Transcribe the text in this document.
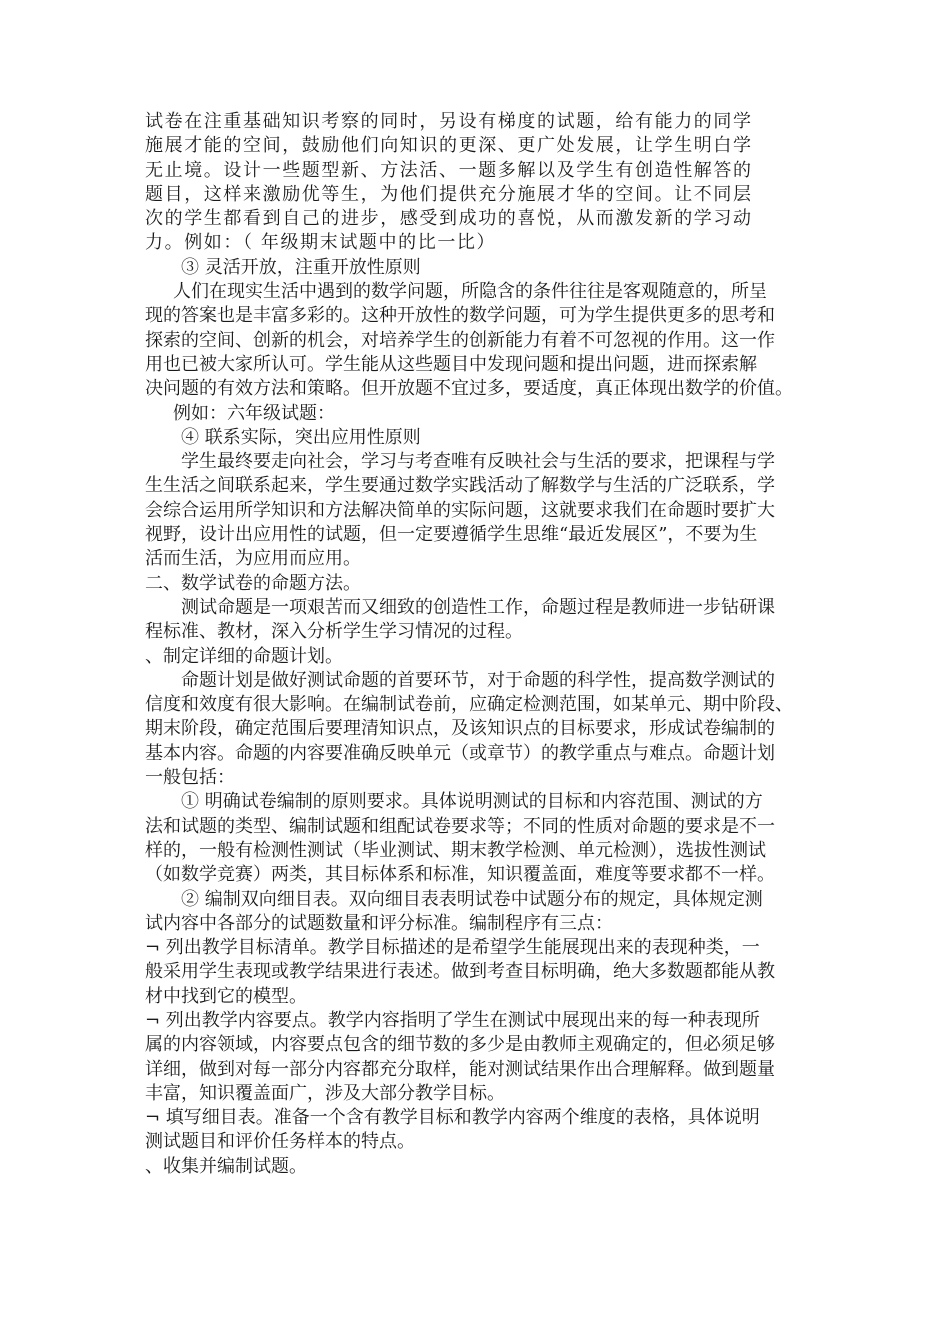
试卷在注重基础知识考察的同时，另设有梯度的试题，给有能力的同学
施展才能的空间，鼓励他们向知识的更深、更广处发展，让学生明白学
无止境。设计一些题型新、方法活、一题多解以及学生有创造性解答的
题目，这样来激励优等生，为他们提供充分施展才华的空间。让不同层
次的学生都看到自己的进步，感受到成功的喜悦，从而激发新的学习动
力。例如：（ 年级期末试题中的比一比）
③ 灵活开放，注重开放性原则
人们在现实生活中遇到的数学问题，所隐含的条件往往是客观随意的，所呈
现的答案也是丰富多彩的。这种开放性的数学问题，可为学生提供更多的思考和
探索的空间、创新的机会，对培养学生的创新能力有着不可忽视的作用。这一作
用也已被大家所认可。学生能从这些题目中发现问题和提出问题，进而探索解
决问题的有效方法和策略。但开放题不宜过多，要适度，真正体现出数学的价值。
例如：六年级试题：
④ 联系实际，突出应用性原则
学生最终要走向社会，学习与考查唯有反映社会与生活的要求，把课程与学
生生活之间联系起来，学生要通过数学实践活动了解数学与生活的广泛联系，学
会综合运用所学知识和方法解决简单的实际问题，这就要求我们在命题时要扩大
视野，设计出应用性的试题，但一定要遵循学生思维“最近发展区”，不要为生
活而生活，为应用而应用。
二、数学试卷的命题方法。
测试命题是一项艰苦而又细致的创造性工作，命题过程是教师进一步钻研课
程标准、教材，深入分析学生学习情况的过程。
、制定详细的命题计划。
命题计划是做好测试命题的首要环节，对于命题的科学性，提高数学测试的
信度和效度有很大影响。在编制试卷前，应确定检测范围，如某单元、期中阶段、
期末阶段，确定范围后要理清知识点，及该知识点的目标要求，形成试卷编制的
基本内容。命题的内容要准确反映单元（或章节）的教学重点与难点。命题计划
一般包括：
① 明确试卷编制的原则要求。具体说明测试的目标和内容范围、测试的方
法和试题的类型、编制试题和组配试卷要求等；不同的性质对命题的要求是不一
样的，一般有检测性测试（毕业测试、期末教学检测、单元检测），选拔性测试
（如数学竞赛）两类，其目标体系和标准，知识覆盖面，难度等要求都不一样。
② 编制双向细目表。双向细目表表明试卷中试题分布的规定，具体规定测
试内容中各部分的试题数量和评分标准。编制程序有三点：
¬ 列出教学目标清单。教学目标描述的是希望学生能展现出来的表现种类，一
般采用学生表现或教学结果进行表述。做到考查目标明确，绝大多数题都能从教
材中找到它的模型。
¬ 列出教学内容要点。教学内容指明了学生在测试中展现出来的每一种表现所
属的内容领域，内容要点包含的细节数的多少是由教师主观确定的，但必须足够
详细，做到对每一部分内容都充分取样，能对测试结果作出合理解释。做到题量
丰富，知识覆盖面广，涉及大部分教学目标。
¬ 填写细目表。准备一个含有教学目标和教学内容两个维度的表格，具体说明
测试题目和评价任务样本的特点。
、收集并编制试题。
